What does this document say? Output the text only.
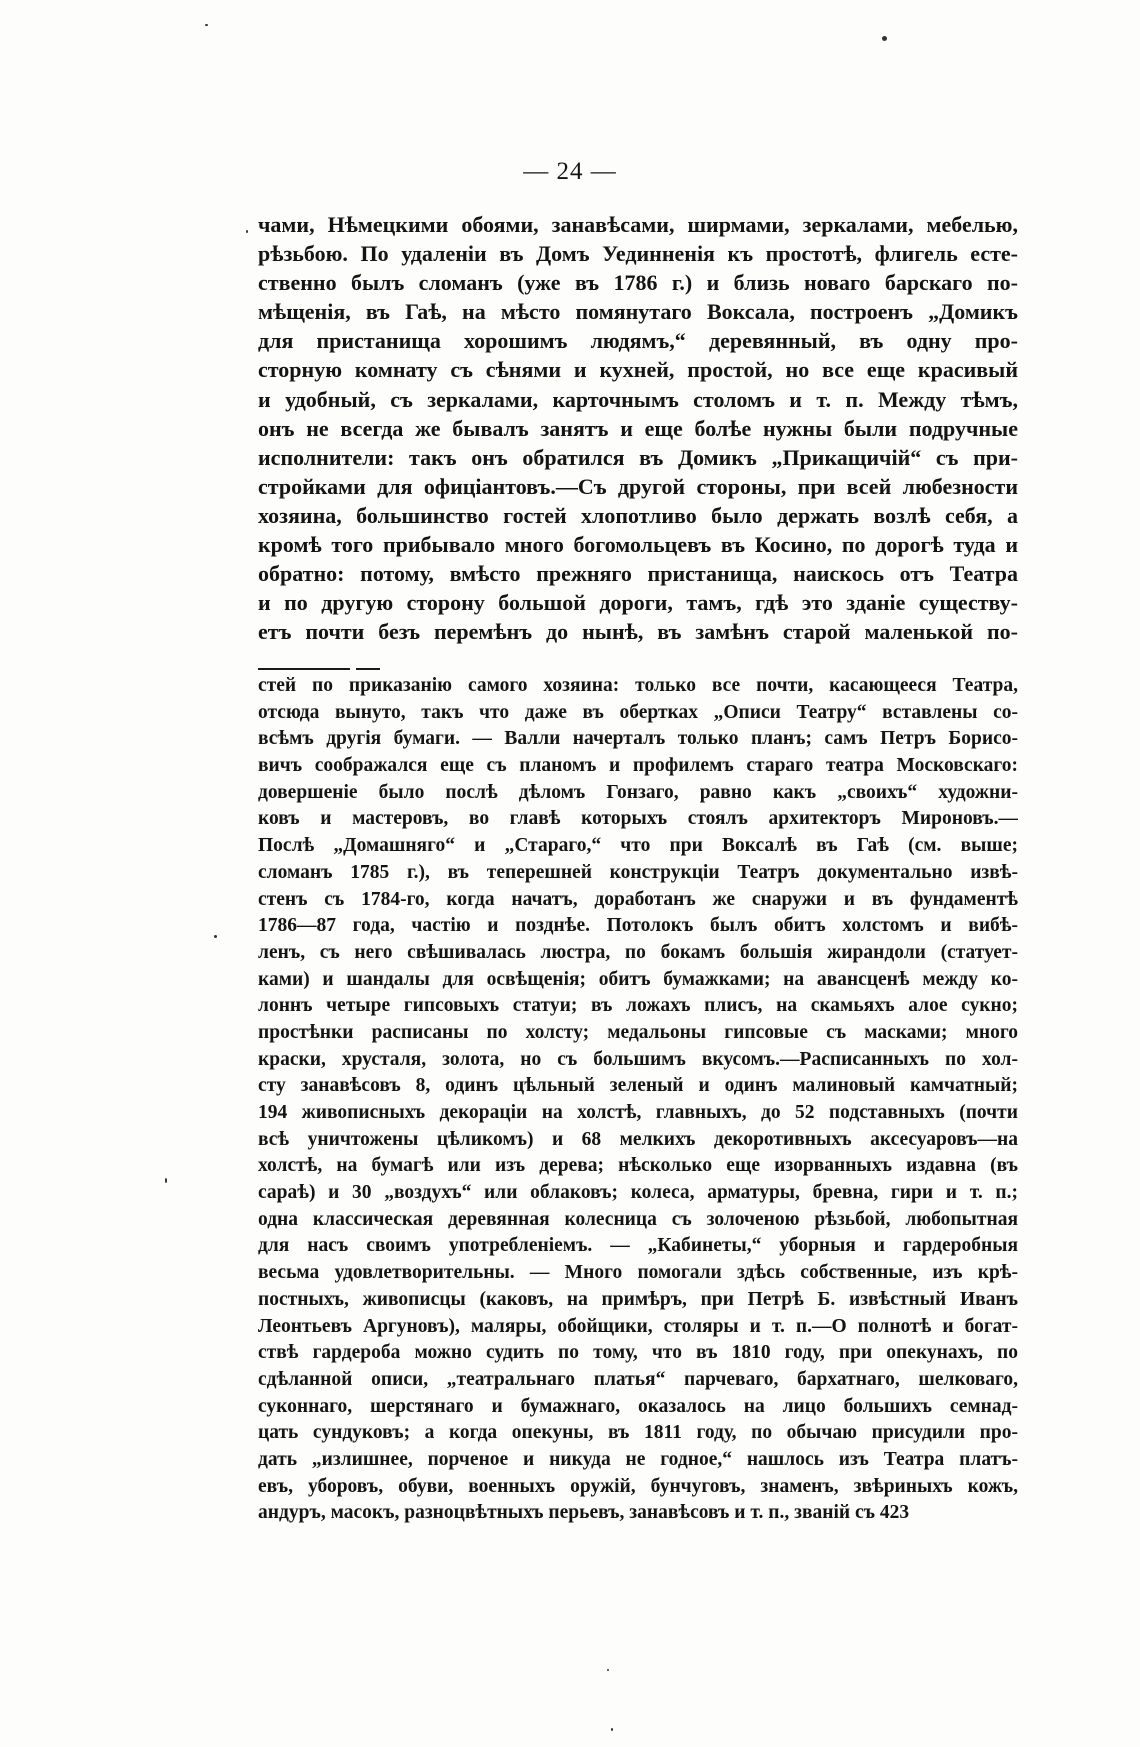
— 24 —
чами, Нѣмецкими обоями, занавѣсами, ширмами, зеркалами, мебелью,
рѣзьбою. По удаленіи въ Домъ Уединненія къ простотѣ, флигель есте-
ственно былъ сломанъ (уже въ 1786 г.) и близь новаго барскаго по-
мѣщенія, въ Гаѣ, на мѣсто помянутаго Воксала, построенъ „Домикъ
для пристанища хорошимъ людямъ,“ деревянный, въ одну про-
сторную комнату съ сѣнями и кухней, простой, но все еще красивый
и удобный, съ зеркалами, карточнымъ столомъ и т. п. Между тѣмъ,
онъ не всегда же бывалъ занятъ и еще болѣе нужны были подручные
исполнители: такъ онъ обратился въ Домикъ „Прикащичій“ съ при-
стройками для офиціантовъ.—Съ другой стороны, при всей любезности
хозяина, большинство гостей хлопотливо было держать возлѣ себя, а
кромѣ того прибывало много богомольцевъ въ Косино, по дорогѣ туда и
обратно: потому, вмѣсто прежняго пристанища, наискось отъ Театра
и по другую сторону большой дороги, тамъ, гдѣ это зданіе существу-
етъ почти безъ перемѣнъ до нынѣ, въ замѣнъ старой маленькой по-
стей по приказанію самого хозяина: только все почти, касающееся Театра,
отсюда вынуто, такъ что даже въ обертках „Описи Театру“ вставлены со-
всѣмъ другія бумаги. — Валли начерталъ только планъ; самъ Петръ Борисо-
вичъ соображался еще съ планомъ и профилемъ стараго театра Московскаго:
довершеніе было послѣ дѣломъ Гонзаго, равно какъ „своихъ“ художни-
ковъ и мастеровъ, во главѣ которыхъ стоялъ архитекторъ Мироновъ.—
Послѣ „Домашняго“ и „Стараго,“ что при Воксалѣ въ Гаѣ (см. выше;
сломанъ 1785 г.), въ теперешней конструкціи Театръ документально извѣ-
стенъ съ 1784-го, когда начатъ, доработанъ же снаружи и въ фундаментѣ
1786—87 года, частію и позднѣе. Потолокъ былъ обитъ холстомъ и вибѣ-
ленъ, съ него свѣшивалась люстра, по бокамъ большія жирандоли (статует-
ками) и шандалы для освѣщенія; обитъ бумажками; на авансценѣ между ко-
лоннъ четыре гипсовыхъ статуи; въ ложахъ плисъ, на скамьяхъ алое сукно;
простѣнки расписаны по холсту; медальоны гипсовые съ масками; много
краски, хрусталя, золота, но съ большимъ вкусомъ.—Расписанныхъ по хол-
сту занавѣсовъ 8, одинъ цѣльный зеленый и одинъ малиновый камчатный;
194 живописныхъ декораціи на холстѣ, главныхъ, до 52 подставныхъ (почти
всѣ уничтожены цѣликомъ) и 68 мелкихъ декоротивныхъ аксесуаровъ—на
холстѣ, на бумагѣ или изъ дерева; нѣсколько еще изорванныхъ издавна (въ
сараѣ) и 30 „воздухъ“ или облаковъ; колеса, арматуры, бревна, гири и т. п.;
одна классическая деревянная колесница съ золоченою рѣзьбой, любопытная
для насъ своимъ употребленіемъ. — „Кабинеты,“ уборныя и гардеробныя
весьма удовлетворительны. — Много помогали здѣсь собственные, изъ крѣ-
постныхъ, живописцы (каковъ, на примѣръ, при Петрѣ Б. извѣстный Иванъ
Леонтьевъ Аргуновъ), маляры, обойщики, столяры и т. п.—О полнотѣ и богат-
ствѣ гардероба можно судить по тому, что въ 1810 году, при опекунахъ, по
сдѣланной описи, „театральнаго платья“ парчеваго, бархатнаго, шелковаго,
суконнаго, шерстянаго и бумажнаго, оказалось на лицо большихъ семнад-
цать сундуковъ; а когда опекуны, въ 1811 году, по обычаю присудили про-
дать „излишнее, порченое и никуда не годное,“ нашлось изъ Театра платъ-
евъ, уборовъ, обуви, военныхъ оружій, бунчуговъ, знаменъ, звѣриныхъ кожъ,
андуръ, масокъ, разноцвѣтныхъ перьевъ, занавѣсовъ и т. п., званій съ 423
